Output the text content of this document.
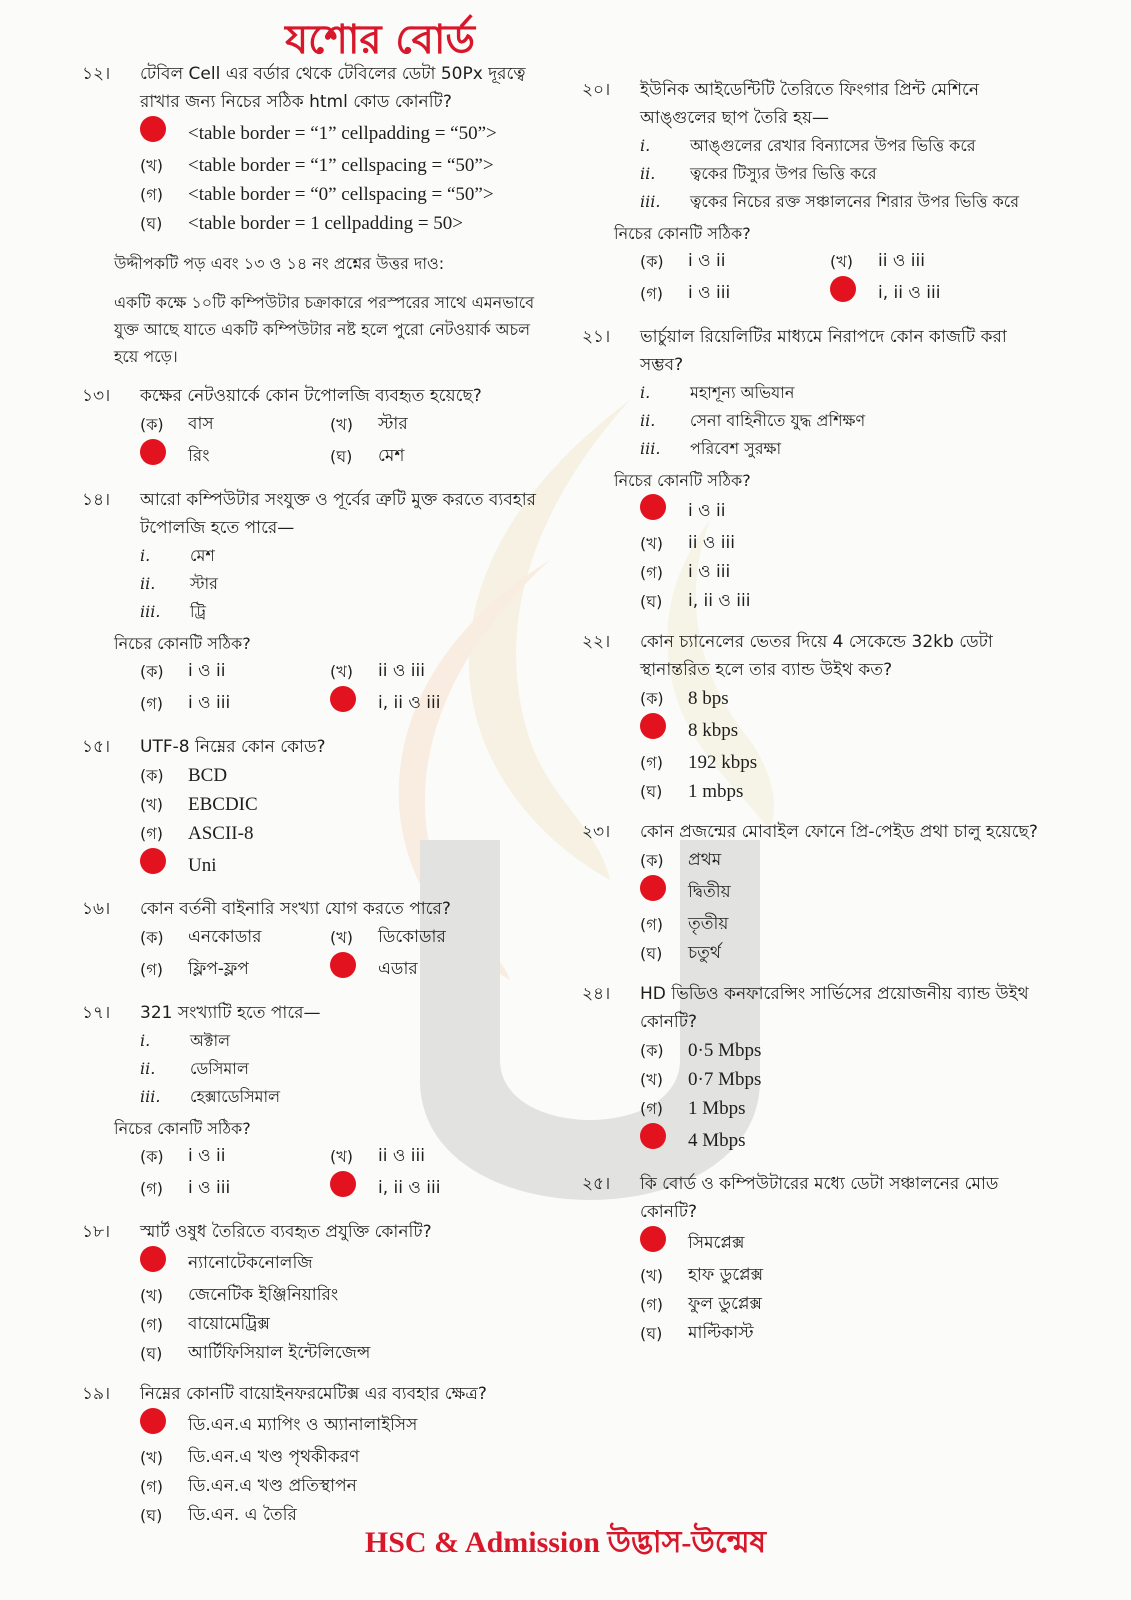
যশোর বোর্ড
১২।	টেবিল Cell এর বর্ডার থেকে টেবিলের ডেটা 50Px দূরত্বে রাখার জন্য নিচের সঠিক html কোড কোনটি?
<table border = “1” cellpadding = “50”>
(খ)	<table border = “1” cellspacing = “50”>
(গ)	<table border = “0” cellspacing = “50”>
(ঘ)	<table border = 1 cellpadding = 50>
উদ্দীপকটি পড় এবং ১৩ ও ১৪ নং প্রশ্নের উত্তর দাও:
একটি কক্ষে ১০টি কম্পিউটার চক্রাকারে পরস্পরের সাথে এমনভাবে যুক্ত আছে যাতে একটি কম্পিউটার নষ্ট হলে পুরো নেটওয়ার্ক অচল হয়ে পড়ে।
১৩।	কক্ষের নেটওয়ার্কে কোন টপোলজি ব্যবহৃত হয়েছে?
(ক)	বাস	(খ)	স্টার
রিং	(ঘ)	মেশ
১৪।	আরো কম্পিউটার সংযুক্ত ও পূর্বের ত্রুটি মুক্ত করতে ব্যবহার টপোলজি হতে পারে—
i.	মেশ
ii.	স্টার
iii.	ট্রি
নিচের কোনটি সঠিক?
(ক)	i ও ii	(খ)	ii ও iii
(গ)	i ও iii	i, ii ও iii
১৫।	UTF-8 নিম্নের কোন কোড?
(ক)	BCD
(খ)	EBCDIC
(গ)	ASCII-8
Uni
১৬।	কোন বর্তনী বাইনারি সংখ্যা যোগ করতে পারে?
(ক)	এনকোডার	(খ)	ডিকোডার
(গ)	ফ্লিপ-ফ্লপ	এডার
১৭।	321 সংখ্যাটি হতে পারে—
i.	অক্টাল
ii.	ডেসিমাল
iii.	হেক্সাডেসিমাল
নিচের কোনটি সঠিক?
(ক)	i ও ii	(খ)	ii ও iii
(গ)	i ও iii	i, ii ও iii
১৮।	স্মার্ট ওষুধ তৈরিতে ব্যবহৃত প্রযুক্তি কোনটি?
ন্যানোটেকনোলজি
(খ)	জেনেটিক ইঞ্জিনিয়ারিং
(গ)	বায়োমেট্রিক্স
(ঘ)	আর্টিফিসিয়াল ইন্টেলিজেন্স
১৯।	নিম্নের কোনটি বায়োইনফরমেটিক্স এর ব্যবহার ক্ষেত্র?
ডি.এন.এ ম্যাপিং ও অ্যানালাইসিস
(খ)	ডি.এন.এ খণ্ড পৃথকীকরণ
(গ)	ডি.এন.এ খণ্ড প্রতিস্থাপন
(ঘ)	ডি.এন. এ তৈরি
২০।	ইউনিক আইডেন্টিটি তৈরিতে ফিংগার প্রিন্ট মেশিনে আঙ্গুলের ছাপ তৈরি হয়—
i.	আঙ্গুলের রেখার বিন্যাসের উপর ভিত্তি করে
ii.	ত্বকের টিস্যুর উপর ভিত্তি করে
iii.	ত্বকের নিচের রক্ত সঞ্চালনের শিরার উপর ভিত্তি করে
নিচের কোনটি সঠিক?
(ক)	i ও ii	(খ)	ii ও iii
(গ)	i ও iii	i, ii ও iii
২১।	ভার্চুয়াল রিয়েলিটির মাধ্যমে নিরাপদে কোন কাজটি করা সম্ভব?
i.	মহাশূন্য অভিযান
ii.	সেনা বাহিনীতে যুদ্ধ প্রশিক্ষণ
iii.	পরিবেশ সুরক্ষা
নিচের কোনটি সঠিক?
i ও ii
(খ)	ii ও iii
(গ)	i ও iii
(ঘ)	i, ii ও iii
২২।	কোন চ্যানেলের ভেতর দিয়ে 4 সেকেন্ডে 32kb ডেটা স্থানান্তরিত হলে তার ব্যান্ড উইথ কত?
(ক)	8 bps
8 kbps
(গ)	192 kbps
(ঘ)	1 mbps
২৩।	কোন প্রজন্মের মোবাইল ফোনে প্রি-পেইড প্রথা চালু হয়েছে?
(ক)	প্রথম
দ্বিতীয়
(গ)	তৃতীয়
(ঘ)	চতুর্থ
২৪।	HD ভিডিও কনফারেন্সিং সার্ভিসের প্রয়োজনীয় ব্যান্ড উইথ কোনটি?
(ক)	0·5 Mbps
(খ)	0·7 Mbps
(গ)	1 Mbps
4 Mbps
২৫।	কি বোর্ড ও কম্পিউটারের মধ্যে ডেটা সঞ্চালনের মোড কোনটি?
সিমপ্লেক্স
(খ)	হাফ ডুপ্লেক্স
(গ)	ফুল ডুপ্লেক্স
(ঘ)	মাল্টিকাস্ট
HSC & Admission উদ্ভাস-উন্মেষ
